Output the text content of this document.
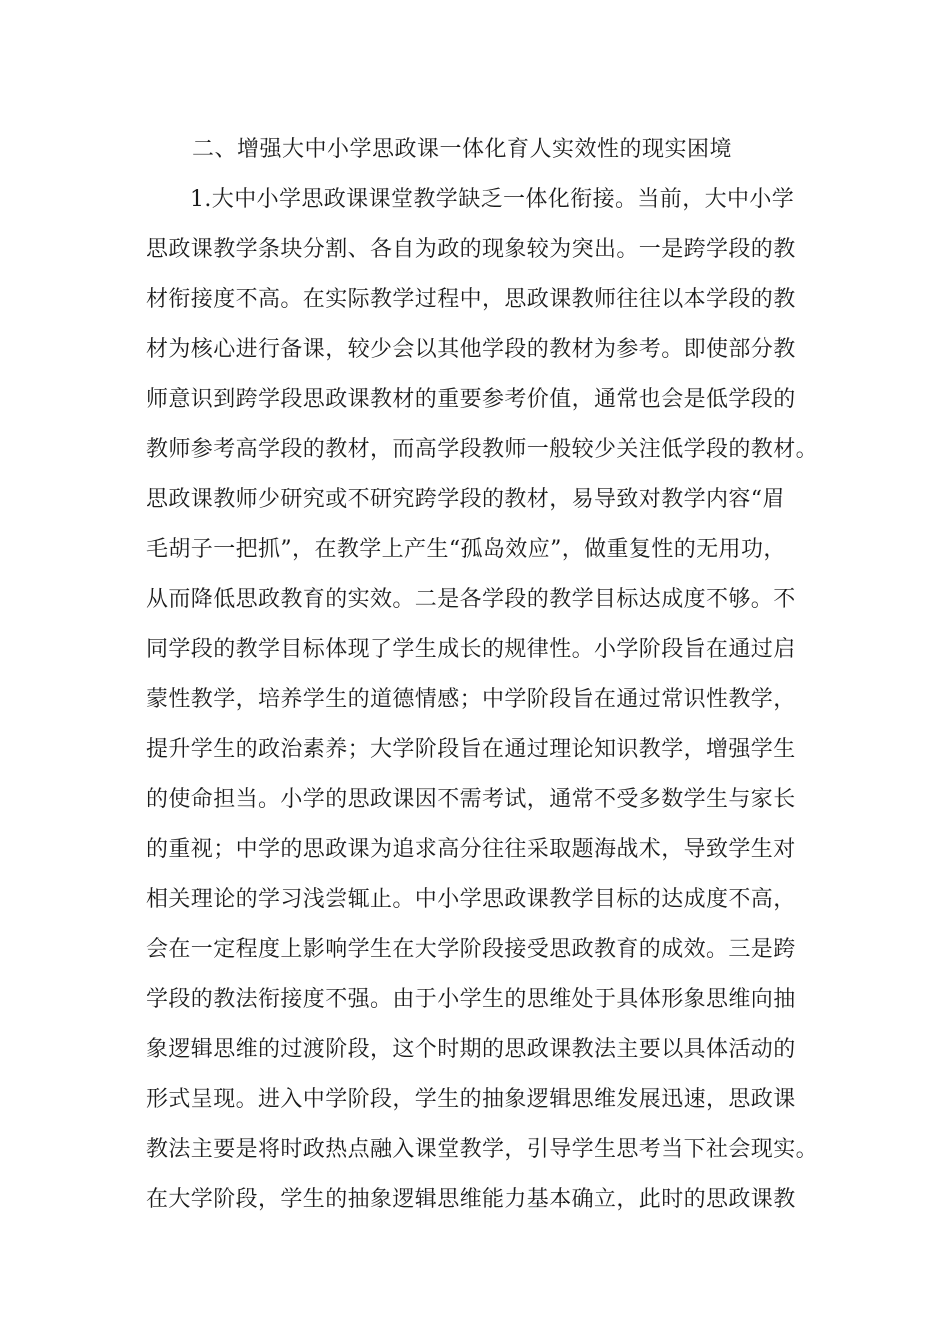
二、增强大中小学思政课一体化育人实效性的现实困境
1.大中小学思政课课堂教学缺乏一体化衔接。当前，大中小学
思政课教学条块分割、各自为政的现象较为突出。一是跨学段的教
材衔接度不高。在实际教学过程中，思政课教师往往以本学段的教
材为核心进行备课，较少会以其他学段的教材为参考。即使部分教
师意识到跨学段思政课教材的重要参考价值，通常也会是低学段的
教师参考高学段的教材，而高学段教师一般较少关注低学段的教材。
思政课教师少研究或不研究跨学段的教材，易导致对教学内容“眉
毛胡子一把抓”，在教学上产生“孤岛效应”，做重复性的无用功，
从而降低思政教育的实效。二是各学段的教学目标达成度不够。不
同学段的教学目标体现了学生成长的规律性。小学阶段旨在通过启
蒙性教学，培养学生的道德情感；中学阶段旨在通过常识性教学，
提升学生的政治素养；大学阶段旨在通过理论知识教学，增强学生
的使命担当。小学的思政课因不需考试，通常不受多数学生与家长
的重视；中学的思政课为追求高分往往采取题海战术，导致学生对
相关理论的学习浅尝辄止。中小学思政课教学目标的达成度不高，
会在一定程度上影响学生在大学阶段接受思政教育的成效。三是跨
学段的教法衔接度不强。由于小学生的思维处于具体形象思维向抽
象逻辑思维的过渡阶段，这个时期的思政课教法主要以具体活动的
形式呈现。进入中学阶段，学生的抽象逻辑思维发展迅速，思政课
教法主要是将时政热点融入课堂教学，引导学生思考当下社会现实。
在大学阶段，学生的抽象逻辑思维能力基本确立，此时的思政课教
